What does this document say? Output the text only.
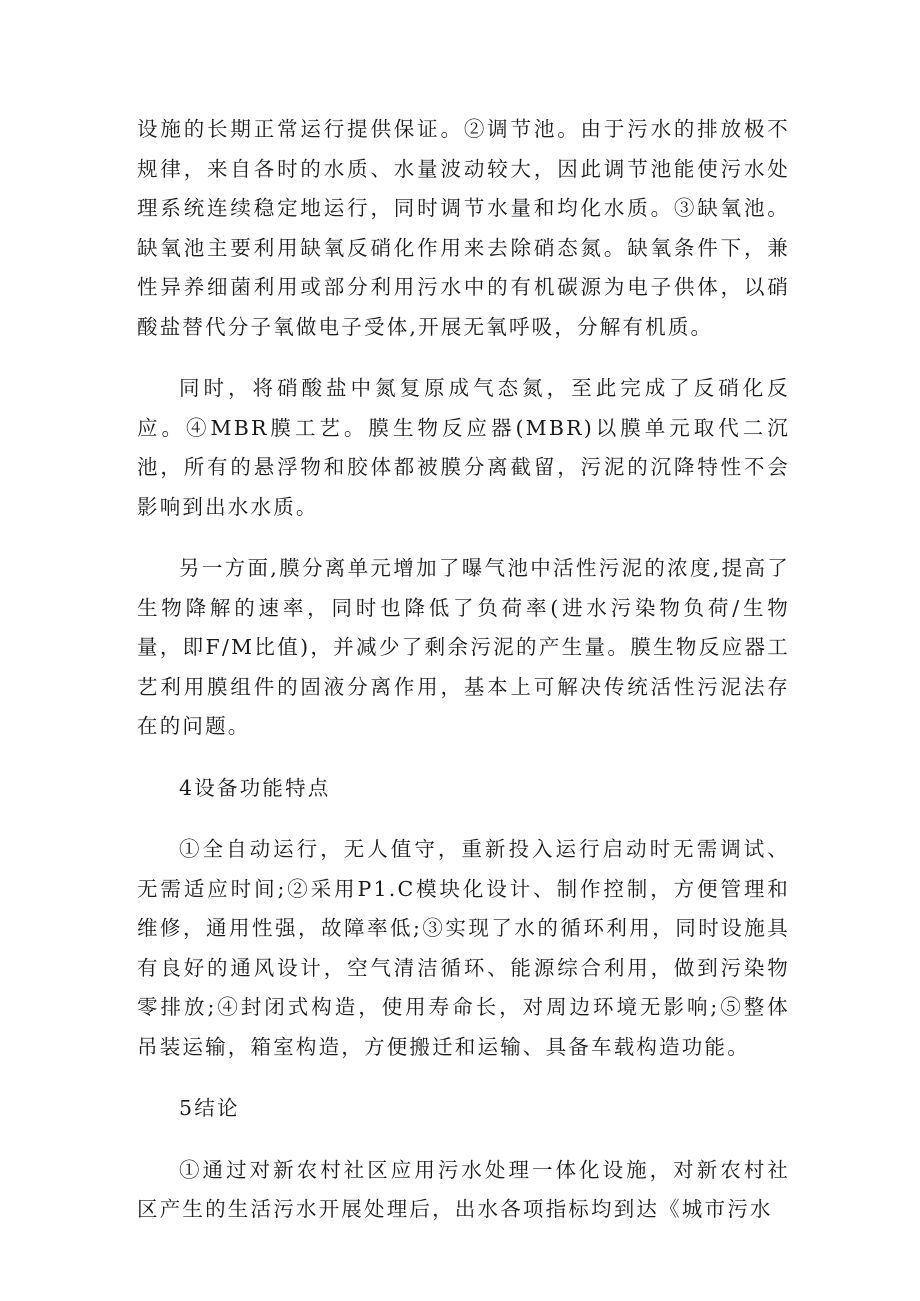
设施的长期正常运行提供保证。②调节池。由于污水的排放极不规律，来自各时的水质、水量波动较大，因此调节池能使污水处理系统连续稳定地运行，同时调节水量和均化水质。③缺氧池。缺氧池主要利用缺氧反硝化作用来去除硝态氮。缺氧条件下，兼性异养细菌利用或部分利用污水中的有机碳源为电子供体，以硝酸盐替代分子氧做电子受体,开展无氧呼吸，分解有机质。

同时，将硝酸盐中氮复原成气态氮，至此完成了反硝化反应。④MBR膜工艺。膜生物反应器(MBR)以膜单元取代二沉池，所有的悬浮物和胶体都被膜分离截留，污泥的沉降特性不会影响到出水水质。

另一方面,膜分离单元增加了曝气池中活性污泥的浓度,提高了生物降解的速率，同时也降低了负荷率(进水污染物负荷/生物量，即F/M比值)，并减少了剩余污泥的产生量。膜生物反应器工艺利用膜组件的固液分离作用，基本上可解决传统活性污泥法存在的问题。

4设备功能特点

①全自动运行，无人值守，重新投入运行启动时无需调试、无需适应时间;②采用P1.C模块化设计、制作控制，方便管理和维修，通用性强，故障率低;③实现了水的循环利用，同时设施具有良好的通风设计，空气清洁循环、能源综合利用，做到污染物零排放;④封闭式构造，使用寿命长，对周边环境无影响;⑤整体吊装运输，箱室构造，方便搬迁和运输、具备车载构造功能。

5结论

①通过对新农村社区应用污水处理一体化设施，对新农村社区产生的生活污水开展处理后，出水各项指标均到达《城市污水
